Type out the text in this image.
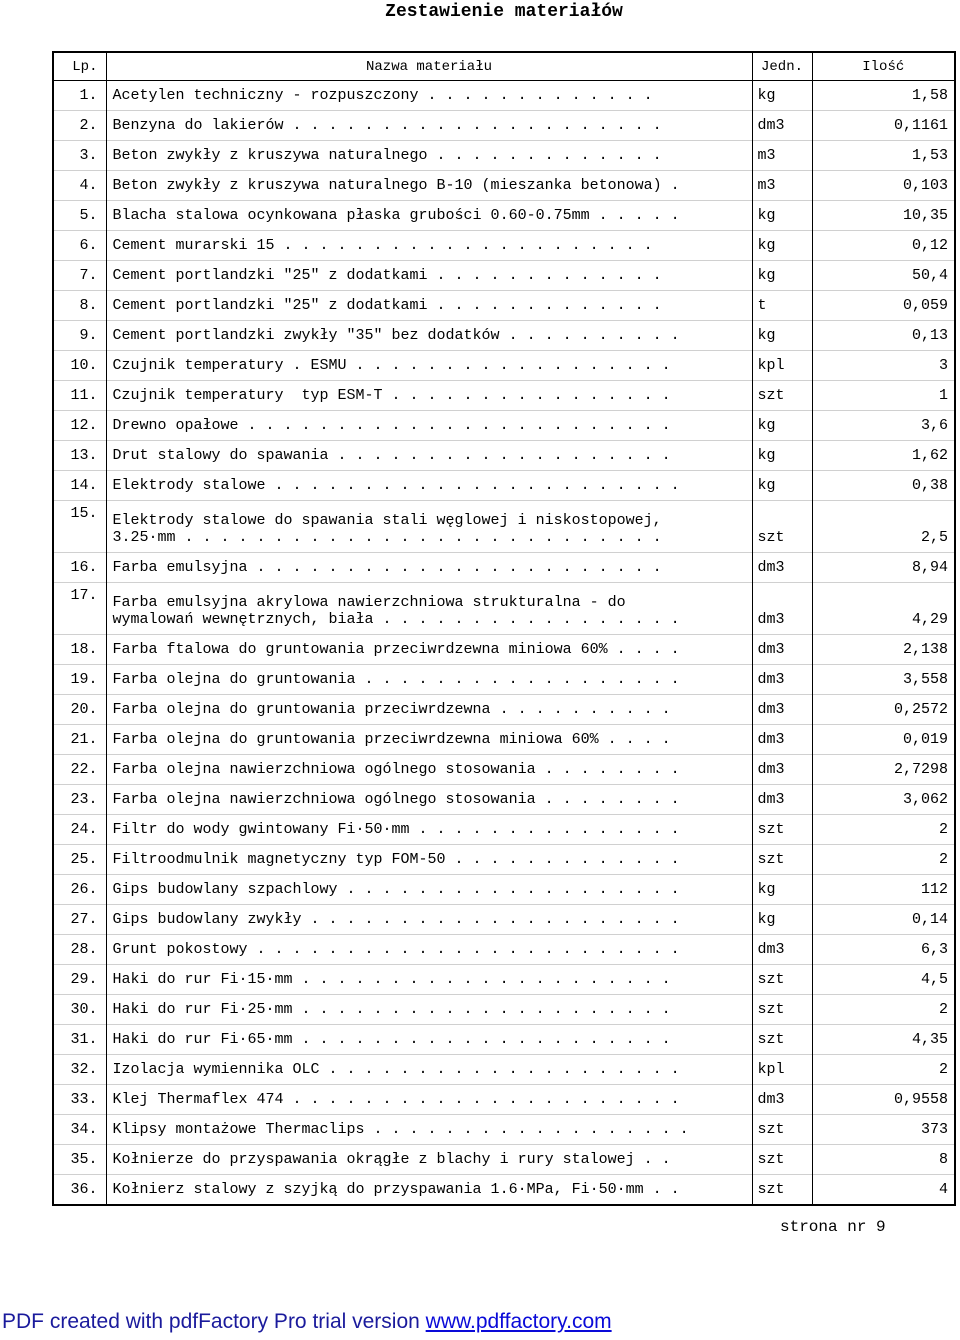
Zestawienie materiałów
Lp.	Nazwa materiału	Jedn.	Ilość
1.	Acetylen techniczny - rozpuszczony . . . . . . . . . . . . .	kg	1,58
2.	Benzyna do lakierów . . . . . . . . . . . . . . . . . . . . .	dm3	0,1161
3.	Beton zwykły z kruszywa naturalnego . . . . . . . . . . . . .	m3	1,53
4.	Beton zwykły z kruszywa naturalnego B-10 (mieszanka betonowa) .	m3	0,103
5.	Blacha stalowa ocynkowana płaska grubości 0.60-0.75mm . . . . .	kg	10,35
6.	Cement murarski 15 . . . . . . . . . . . . . . . . . . . . .	kg	0,12
7.	Cement portlandzki "25" z dodatkami . . . . . . . . . . . . .	kg	50,4
8.	Cement portlandzki "25" z dodatkami . . . . . . . . . . . . .	t	0,059
9.	Cement portlandzki zwykły "35" bez dodatków . . . . . . . . . .	kg	0,13
10.	Czujnik temperatury . ESMU . . . . . . . . . . . . . . . . . .	kpl	3
11.	Czujnik temperatury  typ ESM-T . . . . . . . . . . . . . . . .	szt	1
12.	Drewno opałowe . . . . . . . . . . . . . . . . . . . . . . . .	kg	3,6
13.	Drut stalowy do spawania . . . . . . . . . . . . . . . . . . .	kg	1,62
14.	Elektrody stalowe . . . . . . . . . . . . . . . . . . . . . . .	kg	0,38
15.	Elektrody stalowe do spawania stali węglowej i niskostopowej,
3.25·mm . . . . . . . . . . . . . . . . . . . . . . . . . . .	szt	2,5
16.	Farba emulsyjna . . . . . . . . . . . . . . . . . . . . . . .	dm3	8,94
17.	Farba emulsyjna akrylowa nawierzchniowa strukturalna - do
wymalowań wewnętrznych, biała . . . . . . . . . . . . . . . . .	dm3	4,29
18.	Farba ftalowa do gruntowania przeciwrdzewna miniowa 60% . . . .	dm3	2,138
19.	Farba olejna do gruntowania . . . . . . . . . . . . . . . . . .	dm3	3,558
20.	Farba olejna do gruntowania przeciwrdzewna . . . . . . . . . .	dm3	0,2572
21.	Farba olejna do gruntowania przeciwrdzewna miniowa 60% . . . .	dm3	0,019
22.	Farba olejna nawierzchniowa ogólnego stosowania . . . . . . . .	dm3	2,7298
23.	Farba olejna nawierzchniowa ogólnego stosowania . . . . . . . .	dm3	3,062
24.	Filtr do wody gwintowany Fi·50·mm . . . . . . . . . . . . . . .	szt	2
25.	Filtroodmulnik magnetyczny typ FOM-50 . . . . . . . . . . . . .	szt	2
26.	Gips budowlany szpachlowy . . . . . . . . . . . . . . . . . . .	kg	112
27.	Gips budowlany zwykły . . . . . . . . . . . . . . . . . . . . .	kg	0,14
28.	Grunt pokostowy . . . . . . . . . . . . . . . . . . . . . . . .	dm3	6,3
29.	Haki do rur Fi·15·mm . . . . . . . . . . . . . . . . . . . . .	szt	4,5
30.	Haki do rur Fi·25·mm . . . . . . . . . . . . . . . . . . . . .	szt	2
31.	Haki do rur Fi·65·mm . . . . . . . . . . . . . . . . . . . . .	szt	4,35
32.	Izolacja wymiennika OLC . . . . . . . . . . . . . . . . . . . .	kpl	2
33.	Klej Thermaflex 474 . . . . . . . . . . . . . . . . . . . . . .	dm3	0,9558
34.	Klipsy montażowe Thermaclips . . . . . . . . . . . . . . . . . .	szt	373
35.	Kołnierze do przyspawania okrągłe z blachy i rury stalowej . .	szt	8
36.	Kołnierz stalowy z szyjką do przyspawania 1.6·MPa, Fi·50·mm . .	szt	4
strona nr 9
PDF created with pdfFactory Pro trial version www.pdffactory.com
